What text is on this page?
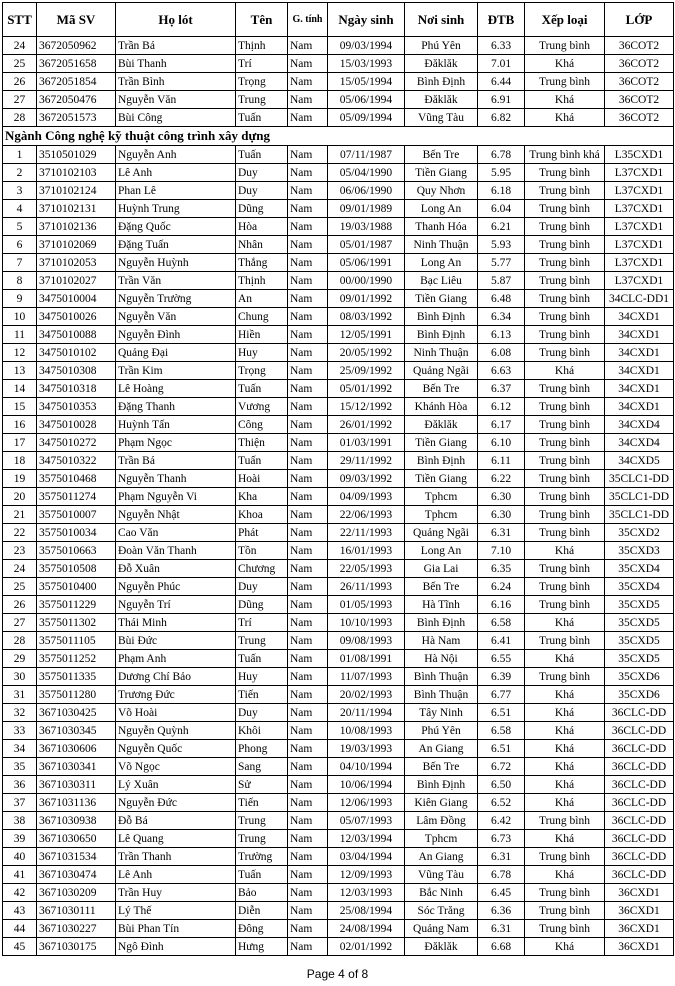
STT	Mã SV	Họ lót	Tên	G. tính	Ngày sinh	Nơi sinh	ĐTB	Xếp loại	LỚP
24	3672050962	Trần Bá	Thịnh	Nam	09/03/1994	Phú Yên	6.33	Trung bình	36COT2
25	3672051658	Bùi Thanh	Trí	Nam	15/03/1993	Đăklăk	7.01	Khá	36COT2
26	3672051854	Trần Bình	Trọng	Nam	15/05/1994	Bình Định	6.44	Trung bình	36COT2
27	3672050476	Nguyễn Văn	Trung	Nam	05/06/1994	Đăklăk	6.91	Khá	36COT2
28	3672051573	Bùi Công	Tuấn	Nam	05/09/1994	Vũng Tàu	6.82	Khá	36COT2
Ngành Công nghệ kỹ thuật công trình xây dựng									
1	3510501029	Nguyễn Anh	Tuấn	Nam	07/11/1987	Bến Tre	6.78	Trung bình khá	L35CXD1
2	3710102103	Lê Anh	Duy	Nam	05/04/1990	Tiền Giang	5.95	Trung bình	L37CXD1
3	3710102124	Phan Lê	Duy	Nam	06/06/1990	Quy Nhơn	6.18	Trung bình	L37CXD1
4	3710102131	Huỳnh Trung	Dũng	Nam	09/01/1989	Long An	6.04	Trung bình	L37CXD1
5	3710102136	Đặng Quốc	Hòa	Nam	19/03/1988	Thanh Hóa	6.21	Trung bình	L37CXD1
6	3710102069	Đặng Tuấn	Nhân	Nam	05/01/1987	Ninh Thuận	5.93	Trung bình	L37CXD1
7	3710102053	Nguyễn Huỳnh	Thắng	Nam	05/06/1991	Long An	5.77	Trung bình	L37CXD1
8	3710102027	Trần Văn	Thịnh	Nam	00/00/1990	Bạc Liêu	5.87	Trung bình	L37CXD1
9	3475010004	Nguyễn Trường	An	Nam	09/01/1992	Tiền Giang	6.48	Trung bình	34CLC-DD1
10	3475010026	Nguyễn Văn	Chung	Nam	08/03/1992	Bình Định	6.34	Trung bình	34CXD1
11	3475010088	Nguyễn Đình	Hiền	Nam	12/05/1991	Bình Định	6.13	Trung bình	34CXD1
12	3475010102	Quảng Đại	Huy	Nam	20/05/1992	Ninh Thuận	6.08	Trung bình	34CXD1
13	3475010308	Trần Kim	Trọng	Nam	25/09/1992	Quảng Ngãi	6.63	Khá	34CXD1
14	3475010318	Lê Hoàng	Tuấn	Nam	05/01/1992	Bến Tre	6.37	Trung bình	34CXD1
15	3475010353	Đặng Thanh	Vương	Nam	15/12/1992	Khánh Hòa	6.12	Trung bình	34CXD1
16	3475010028	Huỳnh Tấn	Công	Nam	26/01/1992	Đăklăk	6.17	Trung bình	34CXD4
17	3475010272	Phạm Ngọc	Thiện	Nam	01/03/1991	Tiền Giang	6.10	Trung bình	34CXD4
18	3475010322	Trần Bá	Tuấn	Nam	29/11/1992	Bình Định	6.11	Trung bình	34CXD5
19	3575010468	Nguyễn Thanh	Hoài	Nam	09/03/1992	Tiền Giang	6.22	Trung bình	35CLC1-DD
20	3575011274	Phạm Nguyễn Vi	Kha	Nam	04/09/1993	Tphcm	6.30	Trung bình	35CLC1-DD
21	3575010007	Nguyễn Nhật	Khoa	Nam	22/06/1993	Tphcm	6.30	Trung bình	35CLC1-DD
22	3575010034	Cao Văn	Phát	Nam	22/11/1993	Quảng Ngãi	6.31	Trung bình	35CXD2
23	3575010663	Đoàn Văn Thanh	Tồn	Nam	16/01/1993	Long An	7.10	Khá	35CXD3
24	3575010508	Đỗ Xuân	Chương	Nam	22/05/1993	Gia Lai	6.35	Trung bình	35CXD4
25	3575010400	Nguyễn Phúc	Duy	Nam	26/11/1993	Bến Tre	6.24	Trung bình	35CXD4
26	3575011229	Nguyễn Trí	Dũng	Nam	01/05/1993	Hà Tĩnh	6.16	Trung bình	35CXD5
27	3575011302	Thái Minh	Trí	Nam	10/10/1993	Bình Định	6.58	Khá	35CXD5
28	3575011105	Bùi Đức	Trung	Nam	09/08/1993	Hà Nam	6.41	Trung bình	35CXD5
29	3575011252	Phạm Anh	Tuấn	Nam	01/08/1991	Hà Nội	6.55	Khá	35CXD5
30	3575011335	Dương Chí Bảo	Huy	Nam	11/07/1993	Bình Thuận	6.39	Trung bình	35CXD6
31	3575011280	Trương Đức	Tiến	Nam	20/02/1993	Bình Thuận	6.77	Khá	35CXD6
32	3671030425	Võ Hoài	Duy	Nam	20/11/1994	Tây Ninh	6.51	Khá	36CLC-DD
33	3671030345	Nguyễn Quỳnh	Khôi	Nam	10/08/1993	Phú Yên	6.58	Khá	36CLC-DD
34	3671030606	Nguyễn Quốc	Phong	Nam	19/03/1993	An Giang	6.51	Khá	36CLC-DD
35	3671030341	Võ Ngọc	Sang	Nam	04/10/1994	Bến Tre	6.72	Khá	36CLC-DD
36	3671030311	Lý Xuân	Sử	Nam	10/06/1994	Bình Định	6.50	Khá	36CLC-DD
37	3671031136	Nguyễn Đức	Tiến	Nam	12/06/1993	Kiên Giang	6.52	Khá	36CLC-DD
38	3671030938	Đỗ Bá	Trung	Nam	05/07/1993	Lâm Đồng	6.42	Trung bình	36CLC-DD
39	3671030650	Lê Quang	Trung	Nam	12/03/1994	Tphcm	6.73	Khá	36CLC-DD
40	3671031534	Trần Thanh	Trường	Nam	03/04/1994	An Giang	6.31	Trung bình	36CLC-DD
41	3671030474	Lê Anh	Tuấn	Nam	12/09/1993	Vũng Tàu	6.78	Khá	36CLC-DD
42	3671030209	Trần Huy	Bảo	Nam	12/03/1993	Bắc Ninh	6.45	Trung bình	36CXD1
43	3671030111	Lý Thế	Diễn	Nam	25/08/1994	Sóc Trăng	6.36	Trung bình	36CXD1
44	3671030227	Bùi Phan Tín	Đông	Nam	24/08/1994	Quảng Nam	6.31	Trung bình	36CXD1
45	3671030175	Ngô Đình	Hưng	Nam	02/01/1992	Đăklăk	6.68	Khá	36CXD1
Page 4 of 8
